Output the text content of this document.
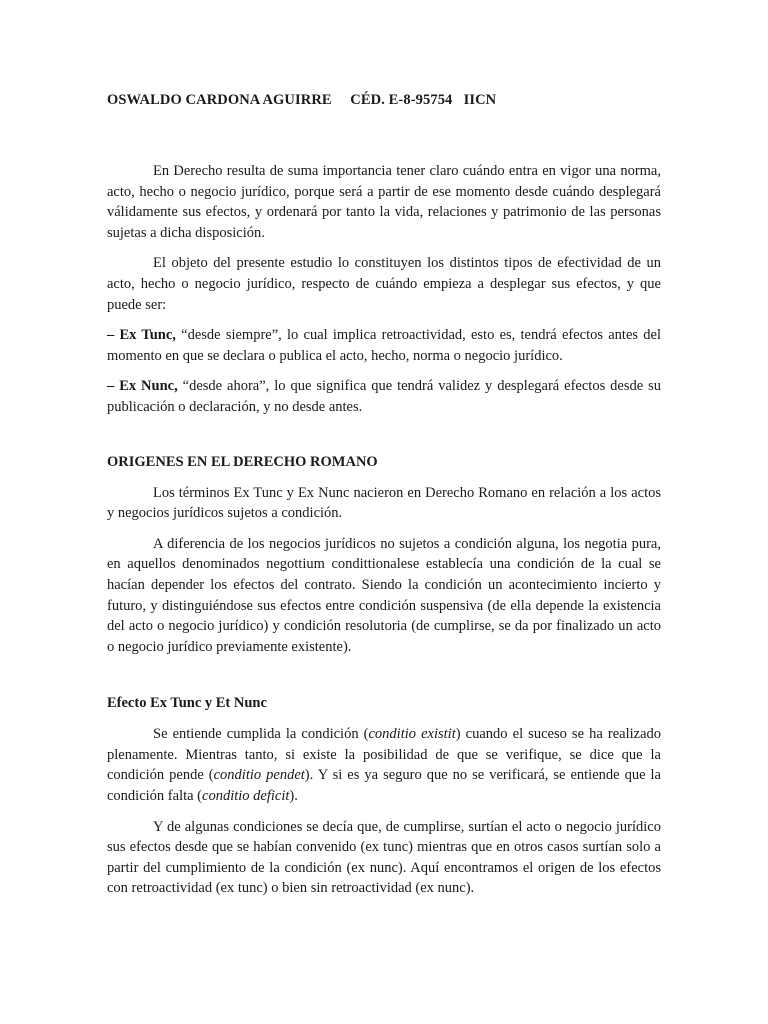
OSWALDO CARDONA AGUIRRE CÉD. E-8-95754 IICN

En Derecho resulta de suma importancia tener claro cuándo entra en vigor una norma, acto, hecho o negocio jurídico, porque será a partir de ese momento desde cuándo desplegará válidamente sus efectos, y ordenará por tanto la vida, relaciones y patrimonio de las personas sujetas a dicha disposición.

El objeto del presente estudio lo constituyen los distintos tipos de efectividad de un acto, hecho o negocio jurídico, respecto de cuándo empieza a desplegar sus efectos, y que puede ser:

– Ex Tunc, “desde siempre”, lo cual implica retroactividad, esto es, tendrá efectos antes del momento en que se declara o publica el acto, hecho, norma o negocio jurídico.

– Ex Nunc, “desde ahora”, lo que significa que tendrá validez y desplegará efectos desde su publicación o declaración, y no desde antes.

ORIGENES EN EL DERECHO ROMANO

Los términos Ex Tunc y Ex Nunc nacieron en Derecho Romano en relación a los actos y negocios jurídicos sujetos a condición.

A diferencia de los negocios jurídicos no sujetos a condición alguna, los negotia pura, en aquellos denominados negottium condittionalese establecía una condición de la cual se hacían depender los efectos del contrato. Siendo la condición un acontecimiento incierto y futuro, y distinguiéndose sus efectos entre condición suspensiva (de ella depende la existencia del acto o negocio jurídico) y condición resolutoria (de cumplirse, se da por finalizado un acto o negocio jurídico previamente existente).

Efecto Ex Tunc y Et Nunc

Se entiende cumplida la condición (conditio existit) cuando el suceso se ha realizado plenamente. Mientras tanto, si existe la posibilidad de que se verifique, se dice que la condición pende (conditio pendet). Y si es ya seguro que no se verificará, se entiende que la condición falta (conditio deficit).

Y de algunas condiciones se decía que, de cumplirse, surtían el acto o negocio jurídico sus efectos desde que se habían convenido (ex tunc) mientras que en otros casos surtían solo a partir del cumplimiento de la condición (ex nunc). Aquí encontramos el origen de los efectos con retroactividad (ex tunc) o bien sin retroactividad (ex nunc).
